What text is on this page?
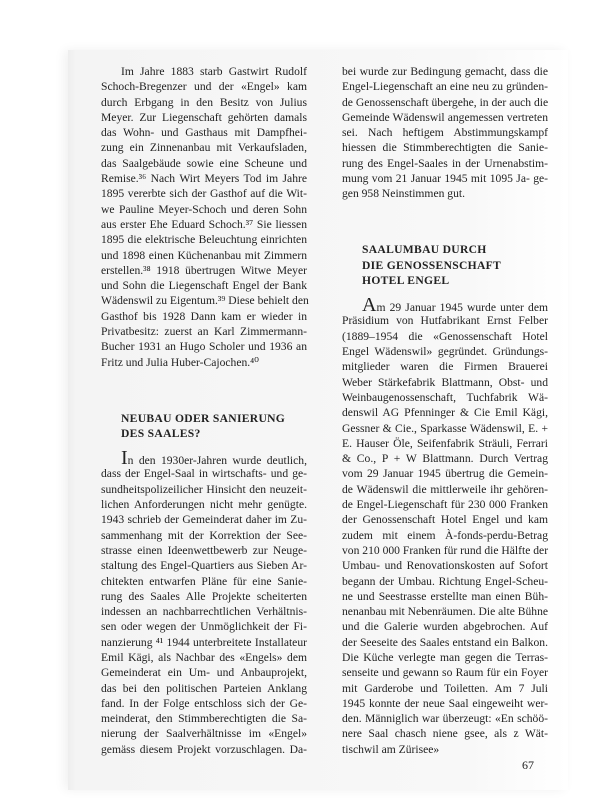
Im Jahre 1883 starb Gastwirt Rudolf
Schoch-Bregenzer und der «Engel» kam
durch Erbgang in den Besitz von Julius
Meyer. Zur Liegenschaft gehörten damals
das Wohn- und Gasthaus mit Dampfhei-
zung ein Zinnenanbau mit Verkaufsladen,
das Saalgebäude sowie eine Scheune und
Remise.³⁶ Nach Wirt Meyers Tod im Jahre
1895 vererbte sich der Gasthof auf die Wit-
we Pauline Meyer-Schoch und deren Sohn
aus erster Ehe Eduard Schoch.³⁷ Sie liessen
1895 die elektrische Beleuchtung einrichten
und 1898 einen Küchenanbau mit Zimmern
erstellen.³⁸ 1918 übertrugen Witwe Meyer
und Sohn die Liegenschaft Engel der Bank
Wädenswil zu Eigentum.³⁹ Diese behielt den
Gasthof bis 1928 Dann kam er wieder in
Privatbesitz: zuerst an Karl Zimmermann-
Bucher 1931 an Hugo Scholer und 1936 an
Fritz und Julia Huber-Cajochen.⁴⁰
NEUBAU ODER SANIERUNG
DES SAALES?
In den 1930er-Jahren wurde deutlich,
dass der Engel-Saal in wirtschafts- und ge-
sundheitspolizeilicher Hinsicht den neuzeit-
lichen Anforderungen nicht mehr genügte.
1943 schrieb der Gemeinderat daher im Zu-
sammenhang mit der Korrektion der See-
strasse einen Ideenwettbewerb zur Neuge-
staltung des Engel-Quartiers aus Sieben Ar-
chitekten entwarfen Pläne für eine Sanie-
rung des Saales Alle Projekte scheiterten
indessen an nachbarrechtlichen Verhältnis-
sen oder wegen der Unmöglichkeit der Fi-
nanzierung ⁴¹ 1944 unterbreitete Installateur
Emil Kägi, als Nachbar des «Engels» dem
Gemeinderat ein Um- und Anbauprojekt,
das bei den politischen Parteien Anklang
fand. In der Folge entschloss sich der Ge-
meinderat, den Stimmberechtigten die Sa-
nierung der Saalverhältnisse im «Engel»
gemäss diesem Projekt vorzuschlagen. Da-
bei wurde zur Bedingung gemacht, dass die
Engel-Liegenschaft an eine neu zu gründen-
de Genossenschaft übergehe, in der auch die
Gemeinde Wädenswil angemessen vertreten
sei. Nach heftigem Abstimmungskampf
hiessen die Stimmberechtigten die Sanie-
rung des Engel-Saales in der Urnenabstim-
mung vom 21 Januar 1945 mit 1095 Ja- ge-
gen 958 Neinstimmen gut.
SAALUMBAU DURCH
DIE GENOSSENSCHAFT
HOTEL ENGEL
Am 29 Januar 1945 wurde unter dem
Präsidium von Hutfabrikant Ernst Felber
(1889–1954 die «Genossenschaft Hotel
Engel Wädenswil» gegründet. Gründungs-
mitglieder waren die Firmen Brauerei
Weber Stärkefabrik Blattmann, Obst- und
Weinbaugenossenschaft, Tuchfabrik Wä-
denswil AG Pfenninger & Cie Emil Kägi,
Gessner & Cie., Sparkasse Wädenswil, E. +
E. Hauser Öle, Seifenfabrik Sträuli, Ferrari
& Co., P + W Blattmann. Durch Vertrag
vom 29 Januar 1945 übertrug die Gemein-
de Wädenswil die mittlerweile ihr gehören-
de Engel-Liegenschaft für 230 000 Franken
der Genossenschaft Hotel Engel und kam
zudem mit einem À-fonds-perdu-Betrag
von 210 000 Franken für rund die Hälfte der
Umbau- und Renovationskosten auf Sofort
begann der Umbau. Richtung Engel-Scheu-
ne und Seestrasse erstellte man einen Büh-
nenanbau mit Nebenräumen. Die alte Bühne
und die Galerie wurden abgebrochen. Auf
der Seeseite des Saales entstand ein Balkon.
Die Küche verlegte man gegen die Terras-
senseite und gewann so Raum für ein Foyer
mit Garderobe und Toiletten. Am 7 Juli
1945 konnte der neue Saal eingeweiht wer-
den. Männiglich war überzeugt: «En schöö-
nere Saal chasch niene gsee, als z Wät-
tischwil am Zürisee»
67
